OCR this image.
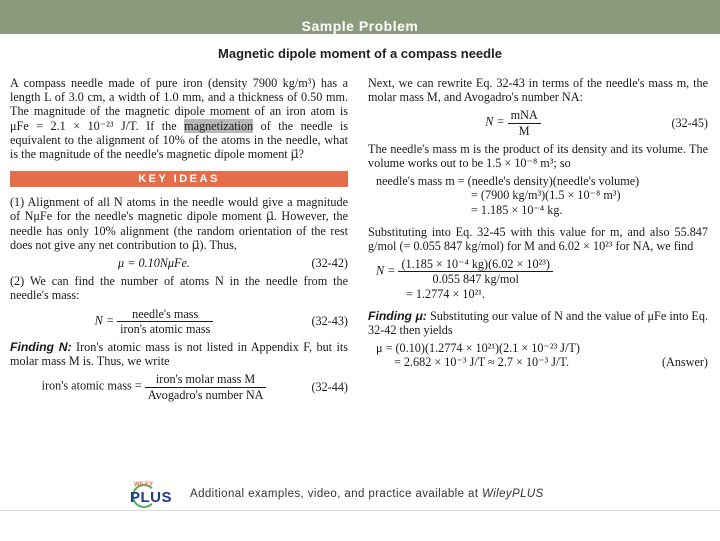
Sample Problem
Magnetic dipole moment of a compass needle

A compass needle made of pure iron (density 7900 kg/m³) has a length L of 3.0 cm, a width of 1.0 mm, and a thickness of 0.50 mm. The magnitude of the magnetic dipole moment of an iron atom is μFe = 2.1 × 10⁻²³ J/T. If the magnetization of the needle is equivalent to the alignment of 10% of the atoms in the needle, what is the magnitude of the needle's magnetic dipole moment μ⃗?

KEY IDEAS

(1) Alignment of all N atoms in the needle would give a magnitude of NμFe for the needle's magnetic dipole moment μ⃗. However, the needle has only 10% alignment (the random orientation of the rest does not give any net contribution to μ⃗). Thus,

μ = 0.10NμFe.	(32-42)

(2) We can find the number of atoms N in the needle from the needle's mass:

$N = \frac{\text{needle's mass}}{\text{iron's atomic mass}}$	(32-43)

Finding N: Iron's atomic mass is not listed in Appendix F, but its molar mass M is. Thus, we write

iron's atomic mass = $\frac{\text{iron's molar mass M}}{\text{Avogadro's number NA}}$	(32-44)

Next, we can rewrite Eq. 32-43 in terms of the needle's mass m, the molar mass M, and Avogadro's number NA:

$N = \frac{\text{mNA}}{M}$	(32-45)

The needle's mass m is the product of its density and its volume. The volume works out to be 1.5 × 10⁻⁸ m³; so

needle's mass m = (needle's density)(needle's volume)
= (7900 kg/m³)(1.5 × 10⁻⁸ m³)
= 1.185 × 10⁻⁴ kg.

Substituting into Eq. 32-45 with this value for m, and also 55.847 g/mol (= 0.055 847 kg/mol) for M and 6.02 × 10²³ for NA, we find

$N = \frac{\text{(1.185 × 10⁻⁴ kg)(6.02 × 10²³)}}{\text{0.055 847 kg/mol}}$
= 1.2774 × 10²¹.

Finding μ: Substituting our value of N and the value of μFe into Eq. 32-42 then yields

μ = (0.10)(1.2774 × 10²¹)(2.1 × 10⁻²³ J/T)
= 2.682 × 10⁻³ J/T ≈ 2.7 × 10⁻³ J/T.	(Answer)
WILEY
PLUS Additional examples, video, and practice available at WileyPLUS
